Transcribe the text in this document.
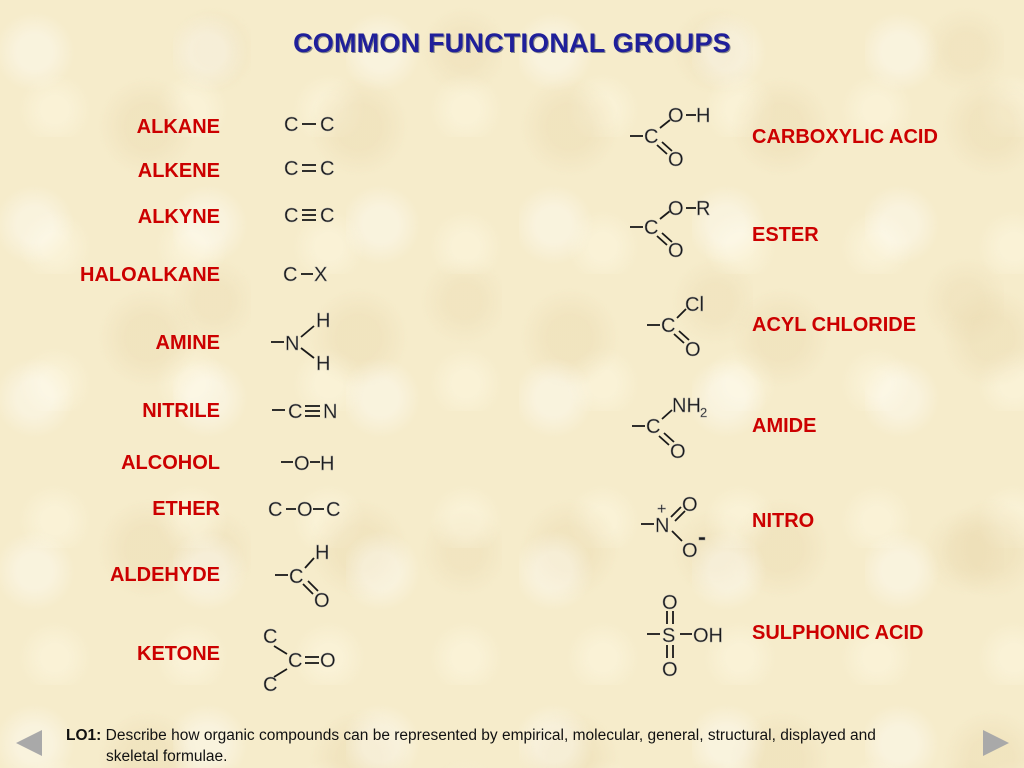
COMMON FUNCTIONAL GROUPS
ALKANE
ALKENE
ALKYNE
HALOALKANE
AMINE
NITRILE
ALCOHOL
ETHER
ALDEHYDE
KETONE
CARBOXYLIC ACID
ESTER
ACYL CHLORIDE
AMIDE
NITRO
SULPHONIC ACID
C C
C C
C C
C X
N
H
H
C N
O H
C O C
C
H
O
C
C O
C
C
O H
O
C
O R
O
C
Cl
O
C
NH 2
O
+
N
O
O -
O
S OH
O
LO1: Describe how organic compounds can be represented by empirical, molecular, general, structural, displayed and
skeletal formulae.
